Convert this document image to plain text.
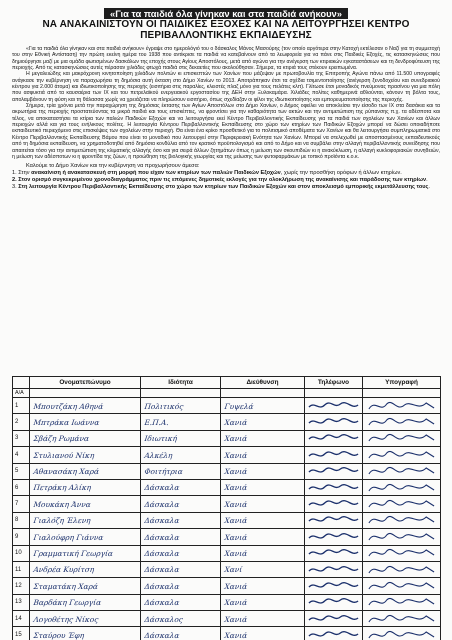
«Για τα παιδιά όλα γίνηκαν και στα παιδιά ανήκουν»
ΝΑ ΑΝΑΚΑΙΝΙΣΤΟΥΝ ΟΙ ΠΑΙΔΙΚΕΣ ΕΞΟΧΕΣ ΚΑΙ ΝΑ ΛΕΙΤΟΥΡΓΗΣΕΙ ΚΕΝΤΡΟ
ΠΕΡΙΒΑΛΛΟΝΤΙΚΗΣ ΕΚΠΑΙΔΕΥΣΗΣ

«Για τα παιδιά όλα γίνηκαν και στα παιδιά ανήκουν» έγραψε στο ημερολόγιό του ο δάσκαλος Μάνος Μασούρης (τον οποίο αργότερα στην Κατοχή εκτέλεσαν ο Ναζί για τη συμμετοχή του στην Εθνική Αντίσταση) την πρώτη εκείνη ημέρα του 1938 που αντίκρισε τα παιδιά να κατεβαίνουν από τα λεωφορεία για να πάνε στις Παιδικές Εξοχές, τις κατασκηνώσεις που δημιούργησε μαζί με μια ομάδα φωτισμένων δασκάλων της εποχής στους Αγίους Αποστόλους, μετά από αγώνα για την ανέγερση των κτιριακών εγκαταστάσεων και τη δενδροφύτευση της περιοχής. Από τις κατασκηνώσεις αυτές πέρασαν χιλιάδες φτωχά παιδιά στις δεκαετίες που ακολούθησαν. Σήμερα, τα κτιριά τους στέκουν ερειπωμένα.

Η μεγαλειώδης και μακρόχρονη κινητοποίηση χιλιάδων πολιτών κι επισκεπτών των Χανίων που μάζεψαν με πρωτοβουλία της Επιτροπής Αγώνα πάνω από 11.500 υπογραφές ανάγκασε την κυβέρνηση να παραχωρήσει τη δημόσια αυτή έκταση στο Δήμο Χανίων το 2013. Αποτράπηκαν έτσι τα σχέδια τσιμεντοποίησης (ανέγερση ξενοδοχείου και συνεδριακού κέντρου για 2.000 άτομα) και ιδιωτικοποίησης της περιοχής (εισιτήρια στις παραλίες, κλειστές πλαζ μόνο για τους πελάτες κλπ). Γλίτωσε έτσι μοναδικός πνεύμονας πρασίνου για μια πόλη που ασφυκτιά από τα καυσαέρια των ΙΧ και του πετρελαϊκού ενεργειακού εργοστασίου της ΔΕΗ στην Ξυλοκαμάρα. Χιλιάδες πολίτες καθημερινά αθλούνται, κάνουν τη βόλτα τους, απολαμβάνουν τη φύση και τη θάλασσα χωρίς να χρειάζεται να πληρώσουν εισιτήριο, όπως σχεδίαζαν οι φίλοι της ιδιωτικοποίησης και εμπορευματοποίησης της περιοχής.

Σήμερα, τρία χρόνια μετά την παραχώρηση της δημόσιας έκτασης των Αγίων Αποστόλων στο Δήμο Χανίων, ο Δήμος οφείλει να αποκλείσει την είσοδο των ΙΧ στα δασάκια και τα ακρωτήρια της περιοχής προστατεύοντας τα μικρά παιδιά και τους επισκέπτες, να φροντίσει για την καθαριότητα των ακτών και την αντιμετώπιση της ρύπανσης π.χ. τα αδέσποτα και τέλος, να αποκαταστήσει τα κτίρια των παλιών Παιδικών Εξοχών και να λειτουργήσει εκεί Κέντρο Περιβαλλοντικής Εκπαίδευσης για τα παιδιά των σχολείων των Χανίων και άλλων περιοχών αλλά και για τους ενήλικους πολίτες. Η λειτουργία Κέντρου Περιβαλλοντικής Εκπαίδευσης στο χώρο των κτηρίων των Παιδικών Εξοχών μπορεί να δώσει οποιαδήποτε εκπαιδευτικό περιεχόμενο στις επισκέψεις των σχολείων στην περιοχή. Θα είναι ένα κρίκο προσθετικό για το πολιτισμικό αποθέματα των Χανίων και θα λειτουργήσει συμπληρωματικά στο Κέντρο Περιβαλλοντικής Εκπαίδευσης Βάμου που είναι το μοναδικό που λειτουργεί στην Περιφερειακή Ενότητα των Χανίων. Μπορεί να στελεχωθεί με αποσπασμένους εκπαιδευτικούς από τη δημόσια εκπαίδευση, να χρηματοδοτηθεί από δημόσια κονδύλια από τον κρατικό προϋπολογισμό και από το Δήμο και να συμβάλει στην αλλαγή περιβαλλοντικής συνείδησης που απαιτείται τόσο για την αντιμετώπιση της κλιματικής αλλαγής όσο και για σειρά άλλων ζητημάτων όπως η μείωση των σκουπιδιών κι η ανακύκλωση, η αλλαγή κυκλοφοριακών συνηθειών, η μείωση των αδέσποτων κι η φροντίδα της ζώων, η προώθηση της βιολογικής γεωργίας και της μείωσης των φυτοφαρμάκων με τοπικό προϊόντα κ.ο.κ.

Καλούμε το Δήμο Χανίων και την κυβέρνηση να προχωρήσουν άμεσα:
1. Στην ανακαίνιση ή ανακατασκευή στη μορφή που είχαν των κτηρίων των παλιών Παιδικών Εξοχών, χωρίς την προσθήκη ορόφων ή άλλων κτηρίων.
2. Στον ορισμό συγκεκριμένου χρονοδιαγράμματος πριν τις επόμενες δημοτικές εκλογές για την ολοκλήρωση της ανακαίνισης και παράδοσης των κτηρίων.
3. Στη λειτουργία Κέντρου Περιβαλλοντικής Εκπαίδευσης στο χώρο των κτηρίων των Παιδικών Εξοχών και στον αποκλεισμό εμπορικής εκμετάλλευσης τους.
	Ονοματεπώνυμο	Ιδιότητα	Διεύθυνση	Τηλέφωνο	Υπογραφή
Α/Α					
1	Μπουτζάκη Αθηνά	Πολιτικός	Γυψελά	

2	Μπτράκα Ιωάννα	Ε.Π.Α.	Χανιά	

3	Σβάζη Ρωμάνα	Ιδιωτική	Χανιά	

4	Στυλιανού Νίκη	Αλκέλη	Χανιά	

5	Αθανασάκη Χαρά	Φοιτήτρια	Χανιά	

6	Πετράκη Αλίκη	Δάσκαλα	Χανιά	

7	Μουκάκη Άννα	Δάσκαλα	Χανιά	

8	Γιαλόζη Έλενη	Δάσκαλα	Χανιά	

9	Γιαλούφρη Γιάννα	Δάσκαλα	Χανιά	

10	Γραμματική Γεωργία	Δάσκαλα	Χανιά	

11	Ανδρέα Κυρίτση	Δάσκαλα	Χανί	

12	Σταματάκη Χαρά	Δάσκαλα	Χανιά	

13	Βαρδάκη Γεωργία	Δάσκαλα	Χανιά	

14	Λογοθέτης Νίκος	Δάσκαλος	Χανιά	

15	Σταύρου Έφη	Δάσκαλα	Χανιά	
